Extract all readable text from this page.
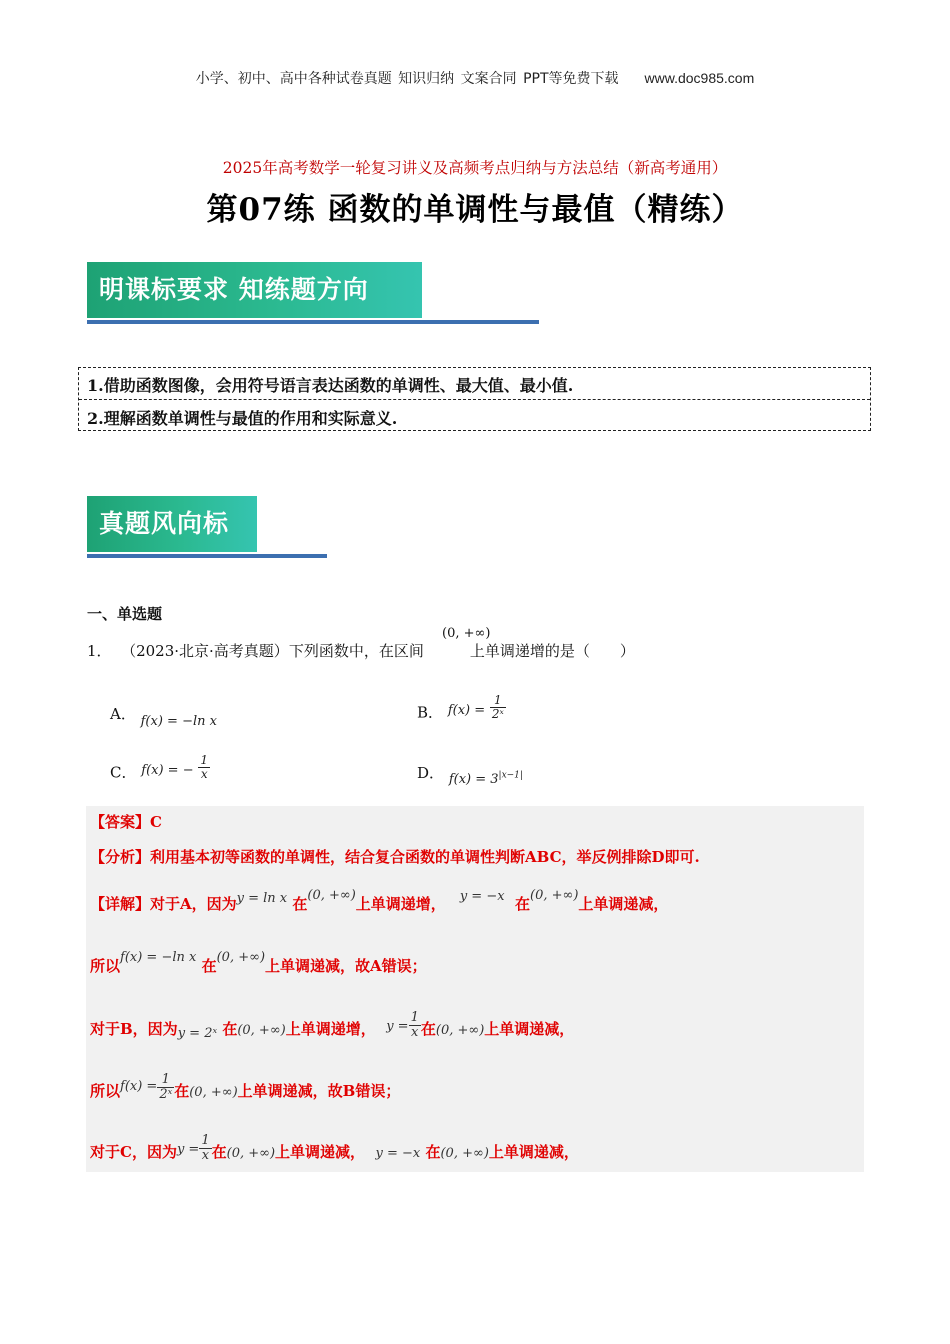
小学、初中、高中各种试卷真题 知识归纳 文案合同 PPT等免费下载 www.doc985.com
2025年高考数学一轮复习讲义及高频考点归纳与方法总结（新高考通用）
第07练 函数的单调性与最值（精练）
明课标要求 知练题方向
1.借助函数图像，会用符号语言表达函数的单调性、最大值、最小值.
2.理解函数单调性与最值的作用和实际意义.
真题风向标
一、单选题
1． （2023·北京·高考真题）下列函数中，在区间	上单调递增的是（　　）
(0, +∞)
A． f(x) = −ln x	B． $f(x) = \frac{1}{\text{2ˣ}}$
C． f(x) = − $\frac{1}{x}$	D． $f(x) = 3^{|x-1|}$
【答案】C
【分析】利用基本初等函数的单调性，结合复合函数的单调性判断ABC，举反例排除D即可.
【详解】对于A，因为y = ln x 在(0, +∞)上单调递增， y = −x 在(0, +∞)上单调递减，
所以f(x) = −ln x 在(0, +∞)上单调递减，故A错误；
对于B，因为y = 2ˣ 在(0, +∞)上单调递增， $y = \frac{1}{x}$ 在(0, +∞)上单调递减，
所以$f(x) = \frac{1}{\text{2ˣ}}$ 在(0, +∞)上单调递减，故B错误；
对于C，因为$y = \frac{1}{x}$ 在(0, +∞)上单调递减， y = −x 在(0, +∞)上单调递减，
